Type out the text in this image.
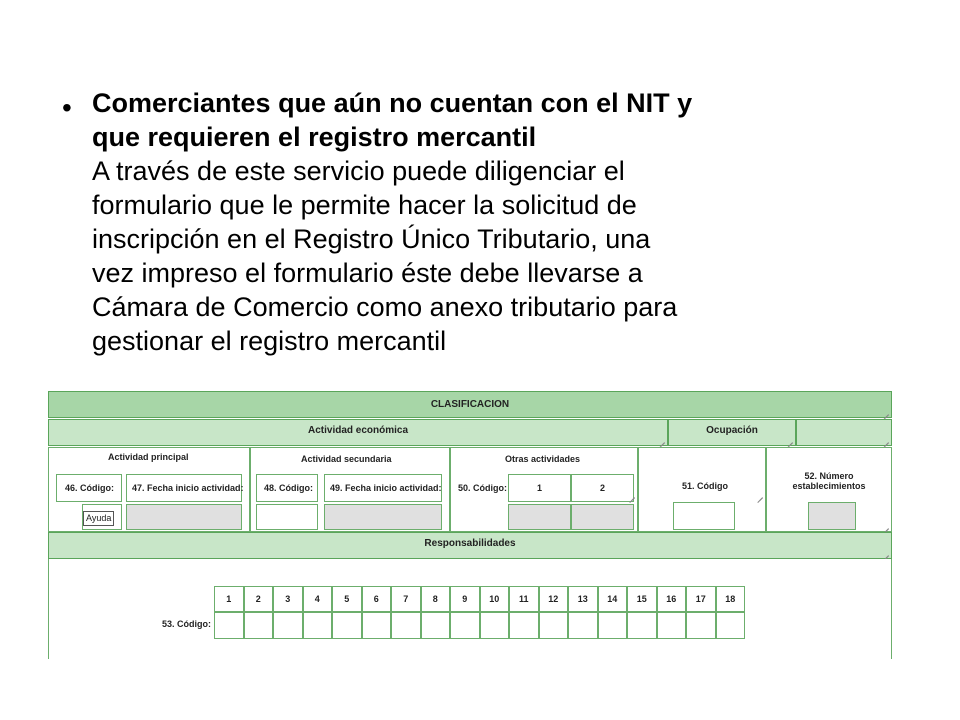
• Comerciantes que aún no cuentan con el NIT y
que requieren el registro mercantil
A través de este servicio puede diligenciar el
formulario que le permite hacer la solicitud de
inscripción en el Registro Único Tributario, una
vez impreso el formulario éste debe llevarse a
Cámara de Comercio como anexo tributario para
gestionar el registro mercantil
CLASIFICACION
Actividad económica	Ocupación
Actividad principal
46. Código: 47. Fecha inicio actividad:
Ayuda
Actividad secundaria
48. Código: 49. Fecha inicio actividad:
Otras actividades
50. Código:	1	2	51. Código
52. Número
establecimientos
Responsabilidades
53. Código:
1	2	3	4	5	6	7	8	9	10	11	12	13	14	15	16	17	18
